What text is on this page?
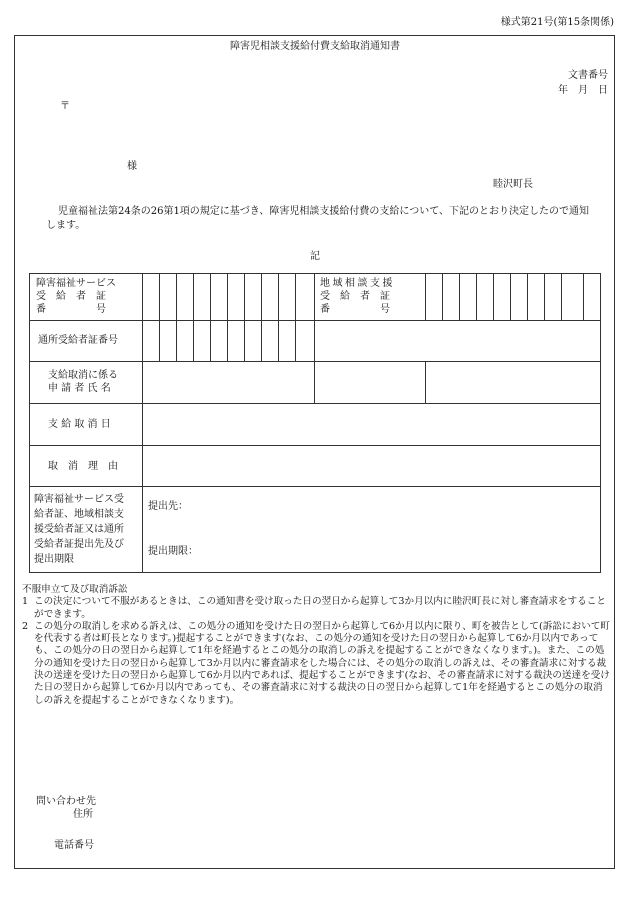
様式第21号(第15条関係)
障害児相談支援給付費支給取消通知書
文書番号
年　月　日
〒
様
睦沢町長
児童福祉法第24条の26第1項の規定に基づき、障害児相談支援給付費の支給について、下記のとおり決定したので通知します。
記
障害福祉サービス
受　給　者　証
番　　　　　号
地域相談支援
受　給　者　証
番　　　　　号
通所受給者証番号
支給取消に係る
申 請 者 氏 名
支 給 取 消 日
取　消　理　由
障害福祉サービス受
給者証、地域相談支
援受給者証又は通所
受給者証提出先及び
提出期限
提出先：
提出期限：
不服申立て及び取消訴訟
1 この決定について不服があるときは、この通知書を受け取った日の翌日から起算して3か月以内に睦沢町長に対し審査請求をすることができます。
2 この処分の取消しを求める訴えは、この処分の通知を受けた日の翌日から起算して6か月以内に限り、町を被告として(訴訟において町を代表する者は町長となります。)提起することができます(なお、この処分の通知を受けた日の翌日から起算して6か月以内であっても、この処分の日の翌日から起算して1年を経過するとこの処分の取消しの訴えを提起することができなくなります。)。また、この処分の通知を受けた日の翌日から起算して3か月以内に審査請求をした場合には、その処分の取消しの訴えは、その審査請求に対する裁決の送達を受けた日の翌日から起算して6か月以内であれば、提起することができます(なお、その審査請求に対する裁決の送達を受けた日の翌日から起算して6か月以内であっても、その審査請求に対する裁決の日の翌日から起算して1年を経過するとこの処分の取消しの訴えを提起することができなくなります)。
問い合わせ先
住所
電話番号
